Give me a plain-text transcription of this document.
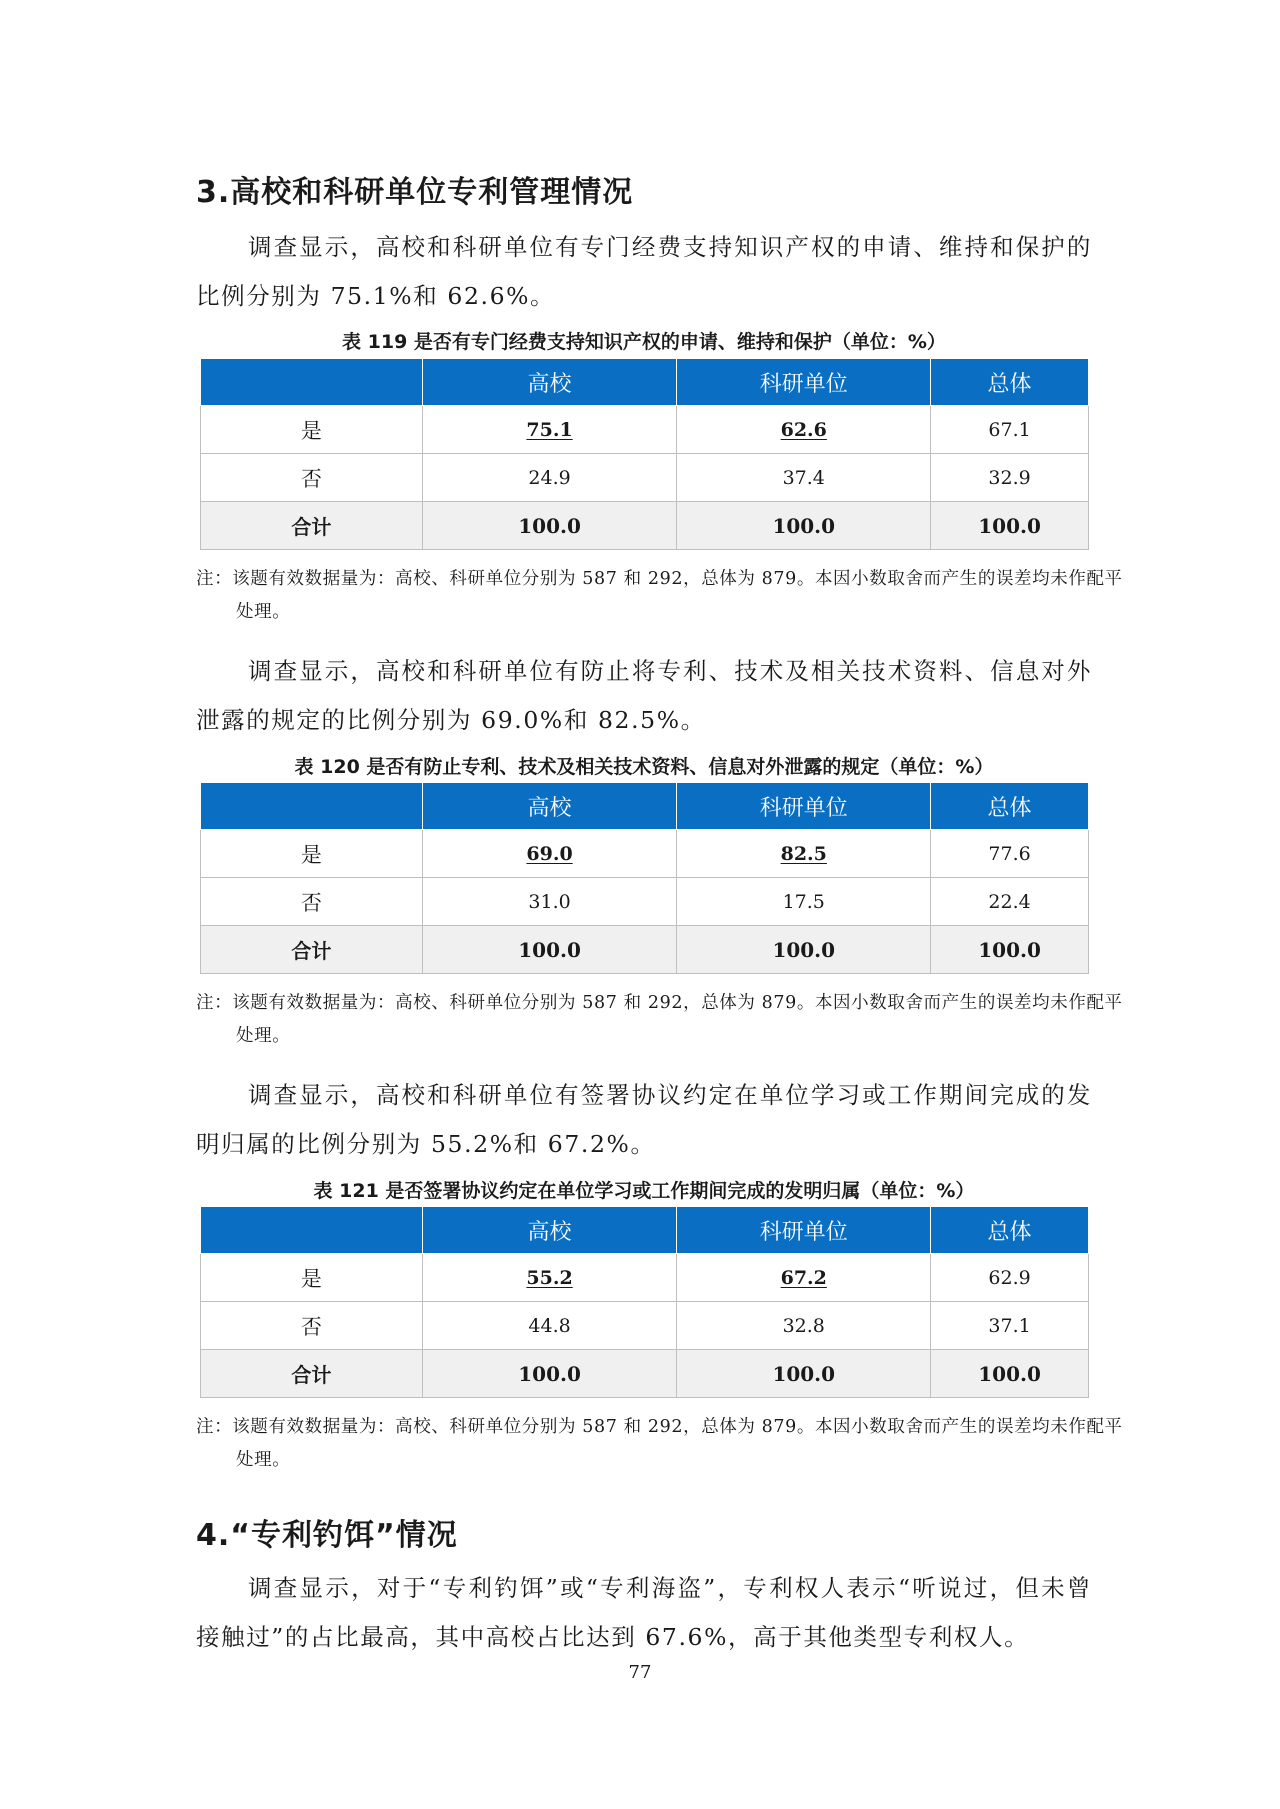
3.高校和科研单位专利管理情况

调查显示，高校和科研单位有专门经费支持知识产权的申请、维持和保护的比例分别为 75.1%和 62.6%。

表 119 是否有专门经费支持知识产权的申请、维持和保护（单位：%）
	高校	科研单位	总体
是	75.1	62.6	67.1
否	24.9	37.4	32.9
合计	100.0	100.0	100.0

注：该题有效数据量为：高校、科研单位分别为 587 和 292，总体为 879。本因小数取舍而产生的误差均未作配平处理。

调查显示，高校和科研单位有防止将专利、技术及相关技术资料、信息对外泄露的规定的比例分别为 69.0%和 82.5%。

表 120 是否有防止专利、技术及相关技术资料、信息对外泄露的规定（单位：%）
	高校	科研单位	总体
是	69.0	82.5	77.6
否	31.0	17.5	22.4
合计	100.0	100.0	100.0

注：该题有效数据量为：高校、科研单位分别为 587 和 292，总体为 879。本因小数取舍而产生的误差均未作配平处理。

调查显示，高校和科研单位有签署协议约定在单位学习或工作期间完成的发明归属的比例分别为 55.2%和 67.2%。

表 121 是否签署协议约定在单位学习或工作期间完成的发明归属（单位：%）
	高校	科研单位	总体
是	55.2	67.2	62.9
否	44.8	32.8	37.1
合计	100.0	100.0	100.0

注：该题有效数据量为：高校、科研单位分别为 587 和 292，总体为 879。本因小数取舍而产生的误差均未作配平处理。

4.“专利钓饵”情况

调查显示，对于“专利钓饵”或“专利海盗”，专利权人表示“听说过，但未曾接触过”的占比最高，其中高校占比达到 67.6%，高于其他类型专利权人。

77
